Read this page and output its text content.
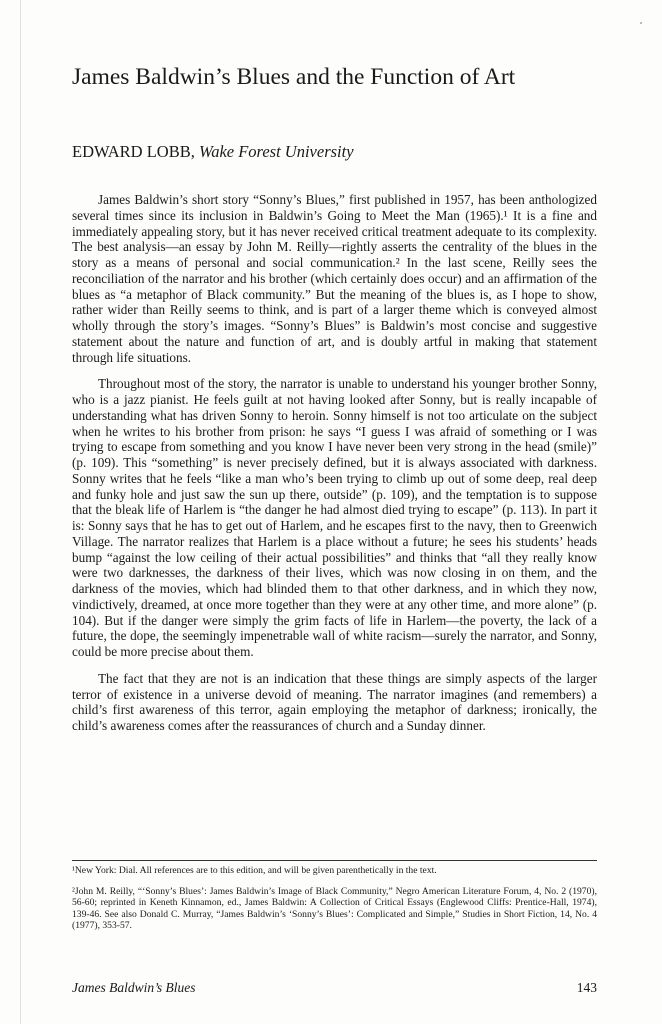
James Baldwin’s Blues and the Function of Art
EDWARD LOBB, Wake Forest University

James Baldwin’s short story “Sonny’s Blues,” first published in 1957, has been anthologized several times since its inclusion in Baldwin’s Going to Meet the Man (1965).¹ It is a fine and immediately appealing story, but it has never received critical treatment adequate to its complexity. The best analysis—an essay by John M. Reilly—rightly asserts the centrality of the blues in the story as a means of personal and social communication.² In the last scene, Reilly sees the reconciliation of the narrator and his brother (which certainly does occur) and an affirmation of the blues as “a metaphor of Black community.” But the meaning of the blues is, as I hope to show, rather wider than Reilly seems to think, and is part of a larger theme which is conveyed almost wholly through the story’s images. “Sonny’s Blues” is Baldwin’s most concise and suggestive statement about the nature and function of art, and is doubly artful in making that statement through life situations.

Throughout most of the story, the narrator is unable to understand his younger brother Sonny, who is a jazz pianist. He feels guilt at not having looked after Sonny, but is really incapable of understanding what has driven Sonny to heroin. Sonny himself is not too articulate on the subject when he writes to his brother from prison: he says “I guess I was afraid of something or I was trying to escape from something and you know I have never been very strong in the head (smile)” (p. 109). This “something” is never precisely defined, but it is always associated with darkness. Sonny writes that he feels “like a man who’s been trying to climb up out of some deep, real deep and funky hole and just saw the sun up there, outside” (p. 109), and the temptation is to suppose that the bleak life of Harlem is “the danger he had almost died trying to escape” (p. 113). In part it is: Sonny says that he has to get out of Harlem, and he escapes first to the navy, then to Greenwich Village. The narrator realizes that Harlem is a place without a future; he sees his students’ heads bump “against the low ceiling of their actual possibilities” and thinks that “all they really know were two darknesses, the darkness of their lives, which was now closing in on them, and the darkness of the movies, which had blinded them to that other darkness, and in which they now, vindictively, dreamed, at once more together than they were at any other time, and more alone” (p. 104). But if the danger were simply the grim facts of life in Harlem—the poverty, the lack of a future, the dope, the seemingly impenetrable wall of white racism—surely the narrator, and Sonny, could be more precise about them.

The fact that they are not is an indication that these things are simply aspects of the larger terror of existence in a universe devoid of meaning. The narrator imagines (and remembers) a child’s first awareness of this terror, again employing the metaphor of darkness; ironically, the child’s awareness comes after the reassurances of church and a Sunday dinner.

¹New York: Dial. All references are to this edition, and will be given parenthetically in the text.

²John M. Reilly, “‘Sonny’s Blues’: James Baldwin’s Image of Black Community,” Negro American Literature Forum, 4, No. 2 (1970), 56-60; reprinted in Keneth Kinnamon, ed., James Baldwin: A Collection of Critical Essays (Englewood Cliffs: Prentice-Hall, 1974), 139-46. See also Donald C. Murray, “James Baldwin’s ‘Sonny’s Blues’: Complicated and Simple,” Studies in Short Fiction, 14, No. 4 (1977), 353-57.

James Baldwin’s Blues	143
